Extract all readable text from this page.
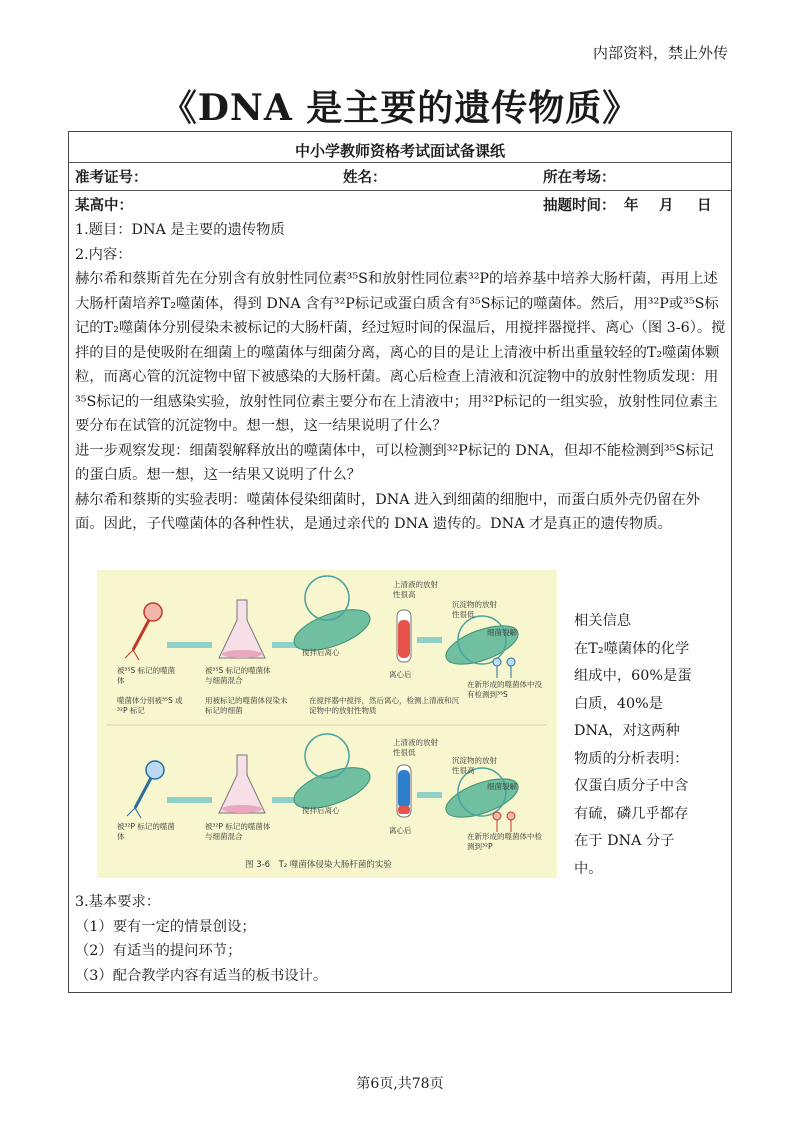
内部资料，禁止外传
《DNA 是主要的遗传物质》
中小学教师资格考试面试备课纸
准考证号：	姓名：	所在考场：
某高中：	抽题时间： 年 月 日

1.题目：DNA 是主要的遗传物质

2.内容：

赫尔希和蔡斯首先在分别含有放射性同位素³⁵S和放射性同位素³²P的培养基中培养大肠杆菌，再用上述大肠杆菌培养T₂噬菌体，得到 DNA 含有³²P标记或蛋白质含有³⁵S标记的噬菌体。然后，用³²P或³⁵S标记的T₂噬菌体分别侵染未被标记的大肠杆菌，经过短时间的保温后，用搅拌器搅拌、离心（图 3-6）。搅拌的目的是使吸附在细菌上的噬菌体与细菌分离，离心的目的是让上清液中析出重量较轻的T₂噬菌体颗粒，而离心管的沉淀物中留下被感染的大肠杆菌。离心后检查上清液和沉淀物中的放射性物质发现：用³⁵S标记的一组感染实验，放射性同位素主要分布在上清液中；用³²P标记的一组实验，放射性同位素主要分布在试管的沉淀物中。想一想，这一结果说明了什么？

进一步观察发现：细菌裂解释放出的噬菌体中，可以检测到³²P标记的 DNA，但却不能检测到³⁵S标记的蛋白质。想一想，这一结果又说明了什么？

赫尔希和蔡斯的实验表明：噬菌体侵染细菌时，DNA 进入到细菌的细胞中，而蛋白质外壳仍留在外面。因此，子代噬菌体的各种性状，是通过亲代的 DNA 遗传的。DNA 才是真正的遗传物质。

被³⁵S 标记的噬菌体
被³⁵S 标记的噬菌体与细菌混合
搅拌后离心
离心后
上清液的放射性很高
沉淀物的放射性很低
细菌裂解
在新形成的噬菌体中没有检测到³⁵S
噬菌体分别被³⁵S 或³²P 标记
用被标记的噬菌体侵染未标记的细菌
在搅拌器中搅拌，然后离心，检测上清液和沉淀物中的放射性物质
被³²P 标记的噬菌体
被³²P 标记的噬菌体与细菌混合
搅拌后离心
离心后
上清液的放射性很低
沉淀物的放射性很高
细菌裂解
在新形成的噬菌体中检测到³²P
图 3-6　T₂ 噬菌体侵染大肠杆菌的实验
相关信息
在T₂噬菌体的化学组成中，60%是蛋白质，40%是DNA，对这两种物质的分析表明：仅蛋白质分子中含有硫，磷几乎都存在于 DNA 分子中。

3.基本要求：

（1）要有一定的情景创设；

（2）有适当的提问环节；

（3）配合教学内容有适当的板书设计。

第6页,共78页
